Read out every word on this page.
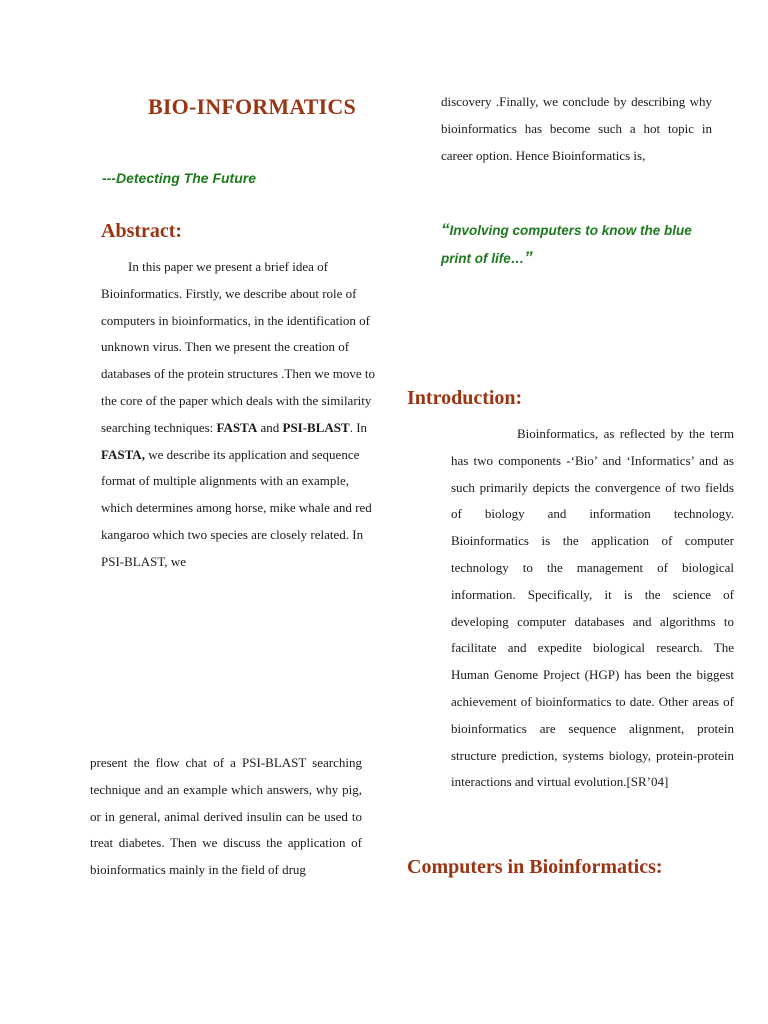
BIO-INFORMATICS
---Detecting The Future
Abstract:

In this paper we present a brief idea of Bioinformatics. Firstly, we describe about role of computers in bioinformatics, in the identification of unknown virus. Then we present the creation of databases of the protein structures .Then we move to the core of the paper which deals with the similarity searching techniques: FASTA and PSI-BLAST. In FASTA, we describe its application and sequence format of multiple alignments with an example, which determines among horse, mike whale and red kangaroo which two species are closely related. In PSI-BLAST, we

present the flow chat of a PSI-BLAST searching technique and an example which answers, why pig, or in general, animal derived insulin can be used to treat diabetes. Then we discuss the application of bioinformatics mainly in the field of drug

discovery .Finally, we conclude by describing why bioinformatics has become such a hot topic in career option. Hence Bioinformatics is,

“Involving computers to know the blue print of life…”
Introduction:

Bioinformatics, as reflected by the term has two components -‘Bio’ and ‘Informatics’ and as such primarily depicts the convergence of two fields of biology and information technology. Bioinformatics is the application of computer technology to the management of biological information. Specifically, it is the science of developing computer databases and algorithms to facilitate and expedite biological research. The Human Genome Project (HGP) has been the biggest achievement of bioinformatics to date. Other areas of bioinformatics are sequence alignment, protein structure prediction, systems biology, protein-protein interactions and virtual evolution.[SR’04]

Computers in Bioinformatics:
